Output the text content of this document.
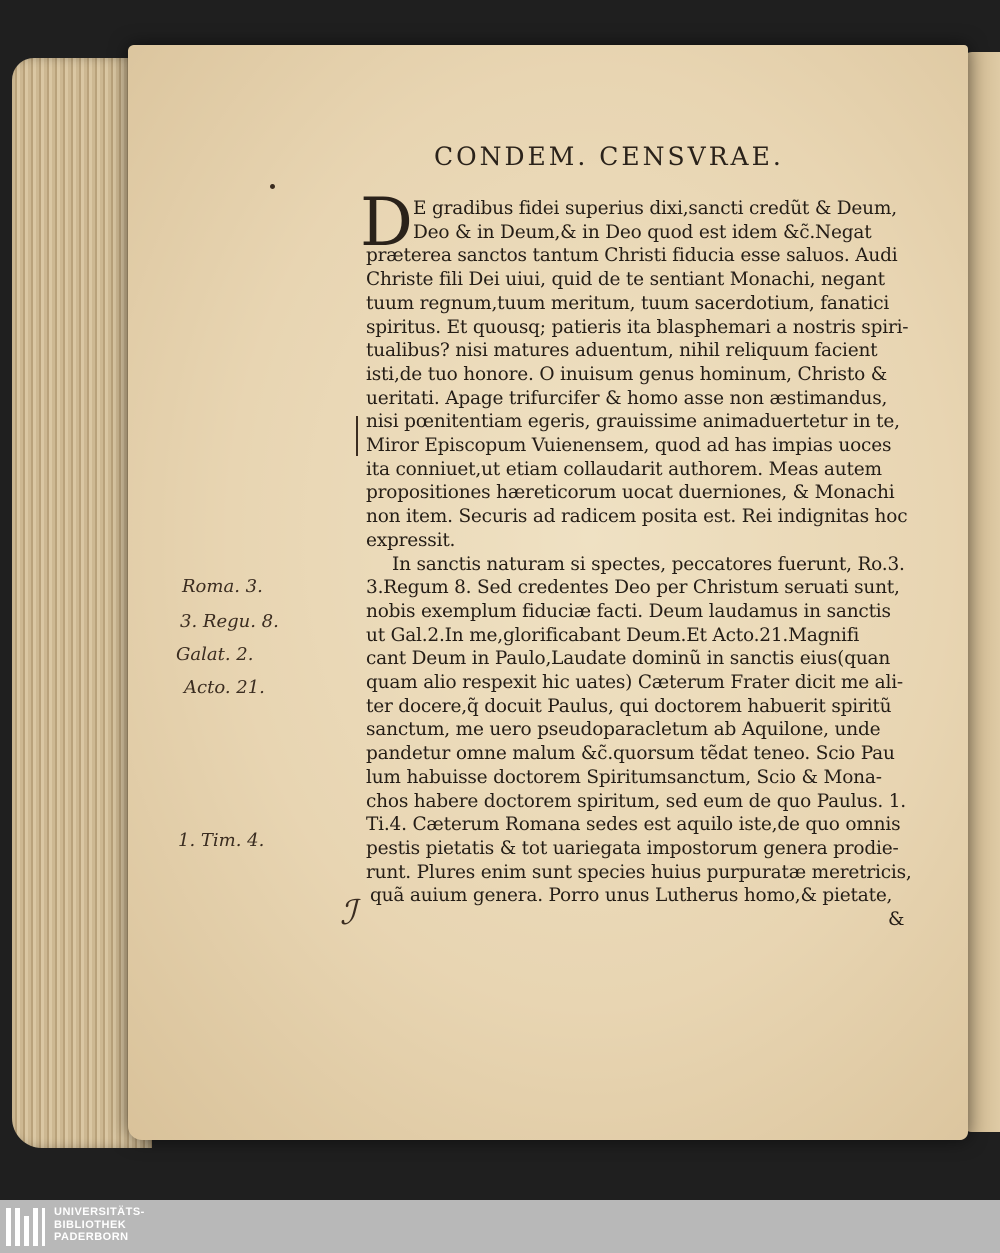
CONDEM. CENSVRAE.
D E gradibus fidei superius dixi,sancti credũt & Deum,
Deo & in Deum,& in Deo quod est idem &c̃.Negat
præterea sanctos tantum Christi fiducia esse saluos. Audi
Christe fili Dei uiui, quid de te sentiant Monachi, negant
tuum regnum,tuum meritum, tuum sacerdotium, fanatici
spiritus. Et quousq; patieris ita blasphemari a nostris spiri-
tualibus? nisi matures aduentum, nihil reliquum facient
isti,de tuo honore. O inuisum genus hominum, Christo &
ueritati. Apage trifurcifer & homo asse non æstimandus,
nisi pœnitentiam egeris, grauissime animaduertetur in te,
Miror Episcopum Vuienensem, quod ad has impias uoces
ita conniuet,ut etiam collaudarit authorem. Meas autem
propositiones hæreticorum uocat duerniones, & Monachi
non item. Securis ad radicem posita est. Rei indignitas hoc
expressit.
In sanctis naturam si spectes, peccatores fuerunt, Ro.3.
3.Regum 8. Sed credentes Deo per Christum seruati sunt,
nobis exemplum fiduciæ facti. Deum laudamus in sanctis
ut Gal.2.In me,glorificabant Deum.Et Acto.21.Magnifi
cant Deum in Paulo,Laudate dominũ in sanctis eius(quan
quam alio respexit hic uates) Cæterum Frater dicit me ali-
ter docere,q̃ docuit Paulus, qui doctorem habuerit spiritũ
sanctum, me uero pseudoparacletum ab Aquilone, unde
pandetur omne malum &c̃.quorsum tẽdat teneo. Scio Pau
lum habuisse doctorem Spiritumsanctum, Scio & Mona-
chos habere doctorem spiritum, sed eum de quo Paulus. 1.
Ti.4. Cæterum Romana sedes est aquilo iste,de quo omnis
pestis pietatis & tot uariegata impostorum genera prodie-
runt. Plures enim sunt species huius purpuratæ meretricis,
quã auium genera. Porro unus Lutherus homo,& pietate,
&
Roma. 3.
3. Regu. 8.
Galat. 2.
Acto. 21.
1. Tim. 4.
ℐ
UNIVERSITÄTS-
BIBLIOTHEK
PADERBORN
